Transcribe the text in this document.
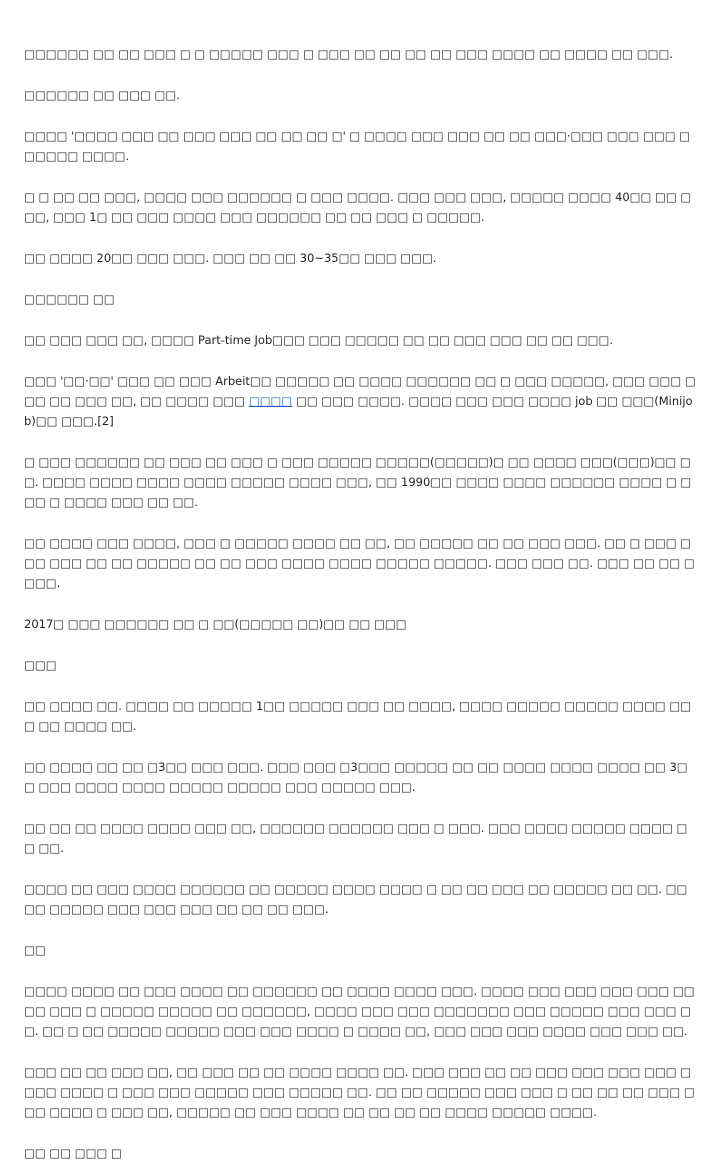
□□□□□□ □□ □□ □□□ □ □ □□□□□ □□□ □ □□□ □□ □□ □□ □□ □□□ □□□□ □□ □□□□ □□ □□□.

□□□□□□ □□ □□□ □□.

□□□□ '□□□□ □□□ □□ □□□ □□□ □□ □□ □□ □' □ □□□□ □□□ □□□ □□ □□ □□□·□□□ □□□ □□□ □□□□□□ □□□□.

□ □ □□ □□ □□□, □□□□ □□□ □□□□□□ □ □□□ □□□□. □□□ □□□ □□□, □□□□□ □□□□ 40□□ □□ □□□, □□□ 1□ □□ □□□ □□□□ □□□ □□□□□□ □□ □□ □□□ □ □□□□□.

□□ □□□□ 20□□ □□□ □□□. □□□ □□ □□ 30~35□□ □□□ □□□.

□□□□□□ □□

□□ □□□ □□□ □□, □□□□ Part-time Job□□□ □□□ □□□□□ □□ □□ □□□ □□□ □□ □□ □□□.

□□□ '□□·□□' □□□ □□ □□□ Arbeit□□ □□□□□ □□ □□□□ □□□□□□ □□ □ □□□ □□□□□, □□□ □□□ □□□ □□ □□□ □□, □□ □□□□ □□□ □□□□ □□ □□□ □□□□. □□□□ □□□ □□□ □□□□ job □□ □□□(Minijob)□□ □□□.[2]

□ □□□ □□□□□□ □□ □□□ □□ □□□ □ □□□ □□□□□ □□□□□(□□□□□)□ □□ □□□□ □□□(□□□)□□ □□. □□□□ □□□□ □□□□ □□□□ □□□□□ □□□□ □□□, □□ 1990□□ □□□□ □□□□ □□□□□□ □□□□ □ □□□ □ □□□□ □□□ □□ □□.

□□ □□□□ □□□ □□□□, □□□ □ □□□□□ □□□□ □□ □□, □□ □□□□□ □□ □□ □□□ □□□. □□ □ □□□ □□□ □□□ □□ □□ □□□□□ □□ □□ □□□ □□□□ □□□□ □□□□□ □□□□□. □□□ □□□ □□. □□□ □□ □□ □□□□.

2017□ □□□ □□□□□□ □□ □ □□(□□□□□ □□)□□ □□ □□□

□□□

□□ □□□□ □□. □□□□ □□ □□□□□ 1□□ □□□□□ □□□ □□ □□□□, □□□□ □□□□□ □□□□□ □□□□ □□□ □□ □□□□ □□.

□□ □□□□ □□ □□ □3□□ □□□ □□□. □□□ □□□ □3□□□ □□□□□ □□ □□ □□□□ □□□□ □□□□ □□ 3□□ □□□ □□□□ □□□□ □□□□□ □□□□□ □□□ □□□□□ □□□.

□□ □□ □□ □□□□ □□□□ □□□ □□, □□□□□□ □□□□□□ □□□ □ □□□. □□□ □□□□ □□□□□ □□□□ □□ □□.

□□□□ □□ □□□ □□□□ □□□□□□ □□ □□□□□ □□□□ □□□□ □ □□ □□ □□□ □□ □□□□□ □□ □□. □□ □□ □□□□□ □□□ □□□ □□□ □□ □□ □□ □□□.

□□

□□□□ □□□□ □□ □□□ □□□□ □□ □□□□□□ □□ □□□□ □□□□ □□□. □□□□ □□□ □□□ □□□ □□□ □□□□ □□□ □ □□□□□ □□□□□ □□ □□□□□□, □□□□ □□□ □□□ □□□□□□□ □□□ □□□□□ □□□ □□□ □□. □□ □ □□ □□□□□ □□□□□ □□□ □□□ □□□□ □ □□□□ □□, □□□ □□□ □□□ □□□□ □□□ □□□ □□.

□□□ □□ □□ □□□ □□, □□ □□□ □□ □□ □□□□ □□□□ □□. □□□ □□□ □□ □□ □□□ □□□ □□□ □□□ □□□□ □□□□ □ □□□ □□□ □□□□□ □□□ □□□□□ □□. □□ □□ □□□□□ □□□ □□□ □ □□ □□ □□ □□□ □□□ □□□□ □ □□□ □□, □□□□□ □□ □□□ □□□□ □□ □□ □□ □□ □□□□ □□□□□ □□□□.

□□ □□ □□□ □
